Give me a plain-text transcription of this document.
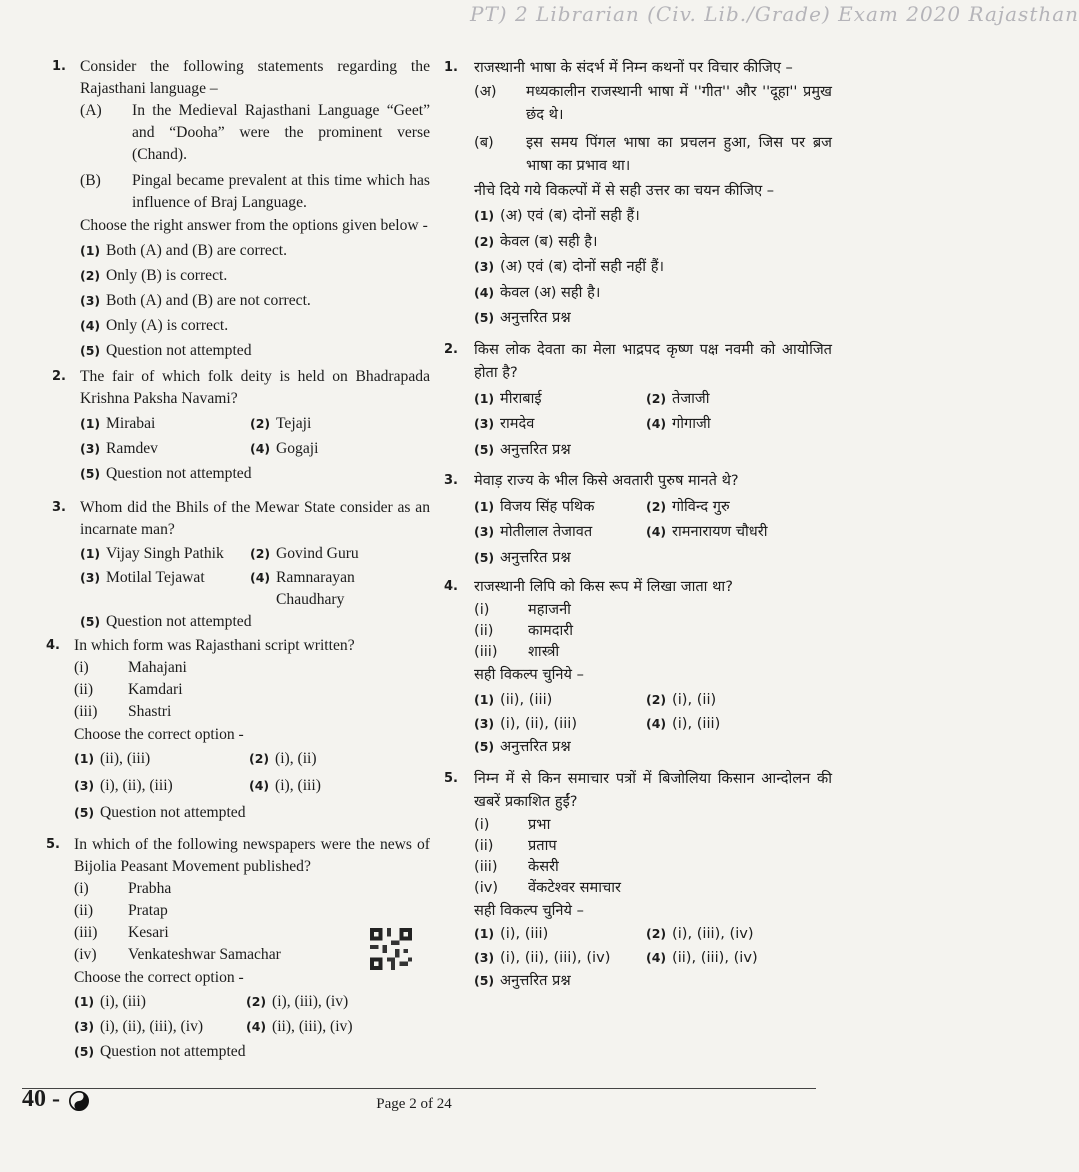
PT) 2 Librarian (Civ. Lib./Grade) Exam 2020 Rajasthan
1. Consider the following statements regarding the Rajasthani language –
(A)	In the Medieval Rajasthani Language “Geet” and “Dooha” were the prominent verse (Chand).
(B)	Pingal became prevalent at this time which has influence of Braj Language.
Choose the right answer from the options given below -
(1) Both (A) and (B) are correct.
(2) Only (B) is correct.
(3) Both (A) and (B) are not correct.
(4) Only (A) is correct.
(5) Question not attempted
2. The fair of which folk deity is held on Bhadrapada Krishna Paksha Navami?
(1) Mirabai	(2) Tejaji
(3) Ramdev	(4) Gogaji
(5) Question not attempted
3. Whom did the Bhils of the Mewar State consider as an incarnate man?
(1) Vijay Singh Pathik (2) Govind Guru
(3) Motilal Tejawat	(4) Ramnarayan Chaudhary
(5) Question not attempted
4. In which form was Rajasthani script written?
(i)	Mahajani
(ii)	Kamdari
(iii)	Shastri
Choose the correct option -
(1) (ii), (iii)	(2) (i), (ii)
(3) (i), (ii), (iii)	(4) (i), (iii)
(5) Question not attempted
5. In which of the following newspapers were the news of Bijolia Peasant Movement published?
(i)	Prabha
(ii)	Pratap
(iii)	Kesari
(iv)	Venkateshwar Samachar
Choose the correct option -
(1) (i), (iii)	(2) (i), (iii), (iv)
(3) (i), (ii), (iii), (iv)	(4) (ii), (iii), (iv)
(5) Question not attempted
1. राजस्थानी भाषा के संदर्भ में निम्न कथनों पर विचार कीजिए –
(अ)	मध्यकालीन राजस्थानी भाषा में ''गीत'' और ''दूहा'' प्रमुख छंद थे।
(ब)	इस समय पिंगल भाषा का प्रचलन हुआ, जिस पर ब्रज भाषा का प्रभाव था।
नीचे दिये गये विकल्पों में से सही उत्तर का चयन कीजिए –
(1) (अ) एवं (ब) दोनों सही हैं।
(2) केवल (ब) सही है।
(3) (अ) एवं (ब) दोनों सही नहीं हैं।
(4) केवल (अ) सही है।
(5) अनुत्तरित प्रश्न
2. किस लोक देवता का मेला भाद्रपद कृष्ण पक्ष नवमी को आयोजित होता है?
(1) मीराबाई	(2) तेजाजी
(3) रामदेव	(4) गोगाजी
(5) अनुत्तरित प्रश्न
3. मेवाड़ राज्य के भील किसे अवतारी पुरुष मानते थे?
(1) विजय सिंह पथिक	(2) गोविन्द गुरु
(3) मोतीलाल तेजावत	(4) रामनारायण चौधरी
(5) अनुत्तरित प्रश्न
4. राजस्थानी लिपि को किस रूप में लिखा जाता था?
(i)	महाजनी
(ii)	कामदारी
(iii)	शास्त्री
सही विकल्प चुनिये –
(1) (ii), (iii)	(2) (i), (ii)
(3) (i), (ii), (iii)	(4) (i), (iii)
(5) अनुत्तरित प्रश्न
5. निम्न में से किन समाचार पत्रों में बिजोलिया किसान आन्दोलन की खबरें प्रकाशित हुईं?
(i)	प्रभा
(ii)	प्रताप
(iii)	केसरी
(iv)	वेंकटेश्वर समाचार
सही विकल्प चुनिये –
(1) (i), (iii)	(2) (i), (iii), (iv)
(3) (i), (ii), (iii), (iv)	(4) (ii), (iii), (iv)
(5) अनुत्तरित प्रश्न
40 -	Page 2 of 24
